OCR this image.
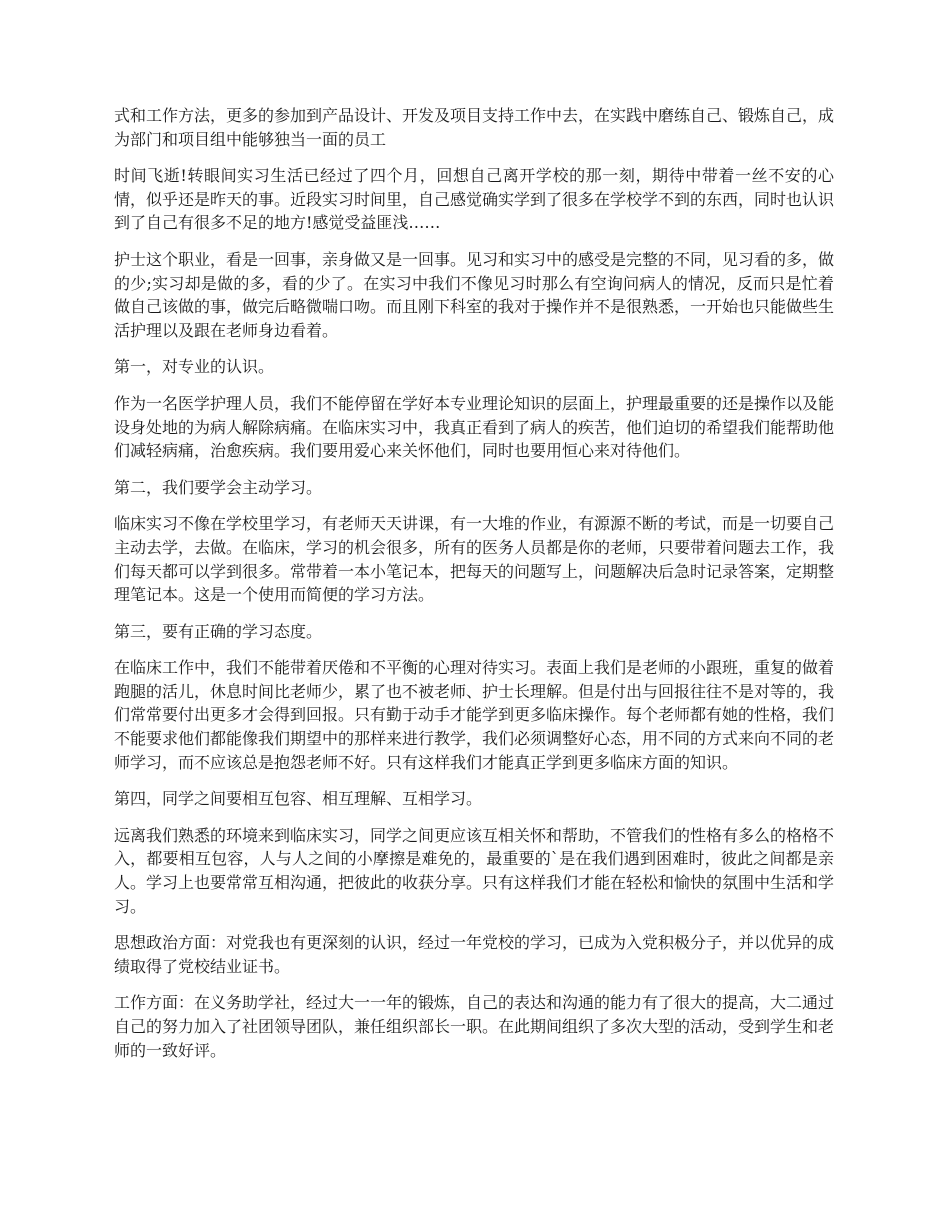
式和工作方法，更多的参加到产品设计、开发及项目支持工作中去，在实践中磨练自己、锻炼自己，成为部门和项目组中能够独当一面的员工

时间飞逝!转眼间实习生活已经过了四个月，回想自己离开学校的那一刻，期待中带着一丝不安的心情，似乎还是昨天的事。近段实习时间里，自己感觉确实学到了很多在学校学不到的东西，同时也认识到了自己有很多不足的地方!感觉受益匪浅……

护士这个职业，看是一回事，亲身做又是一回事。见习和实习中的感受是完整的不同，见习看的多，做的少;实习却是做的多，看的少了。在实习中我们不像见习时那么有空询问病人的情况，反而只是忙着做自己该做的事，做完后略微喘口吻。而且刚下科室的我对于操作并不是很熟悉，一开始也只能做些生活护理以及跟在老师身边看着。

第一，对专业的认识。

作为一名医学护理人员，我们不能停留在学好本专业理论知识的层面上，护理最重要的还是操作以及能设身处地的为病人解除病痛。在临床实习中，我真正看到了病人的疾苦，他们迫切的希望我们能帮助他们减轻病痛，治愈疾病。我们要用爱心来关怀他们，同时也要用恒心来对待他们。

第二，我们要学会主动学习。

临床实习不像在学校里学习，有老师天天讲课，有一大堆的作业，有源源不断的考试，而是一切要自己主动去学，去做。在临床，学习的机会很多，所有的医务人员都是你的老师，只要带着问题去工作，我们每天都可以学到很多。常带着一本小笔记本，把每天的问题写上，问题解决后急时记录答案，定期整理笔记本。这是一个使用而简便的学习方法。

第三，要有正确的学习态度。

在临床工作中，我们不能带着厌倦和不平衡的心理对待实习。表面上我们是老师的小跟班，重复的做着跑腿的活儿，休息时间比老师少，累了也不被老师、护士长理解。但是付出与回报往往不是对等的，我们常常要付出更多才会得到回报。只有勤于动手才能学到更多临床操作。每个老师都有她的性格，我们不能要求他们都能像我们期望中的那样来进行教学，我们必须调整好心态，用不同的方式来向不同的老师学习，而不应该总是抱怨老师不好。只有这样我们才能真正学到更多临床方面的知识。

第四，同学之间要相互包容、相互理解、互相学习。

远离我们熟悉的环境来到临床实习，同学之间更应该互相关怀和帮助，不管我们的性格有多么的格格不入，都要相互包容，人与人之间的小摩擦是难免的，最重要的`是在我们遇到困难时，彼此之间都是亲人。学习上也要常常互相沟通，把彼此的收获分享。只有这样我们才能在轻松和愉快的氛围中生活和学习。

思想政治方面：对党我也有更深刻的认识，经过一年党校的学习，已成为入党积极分子，并以优异的成绩取得了党校结业证书。

工作方面：在义务助学社，经过大一一年的锻炼，自己的表达和沟通的能力有了很大的提高，大二通过自己的努力加入了社团领导团队，兼任组织部长一职。在此期间组织了多次大型的活动，受到学生和老师的一致好评。
